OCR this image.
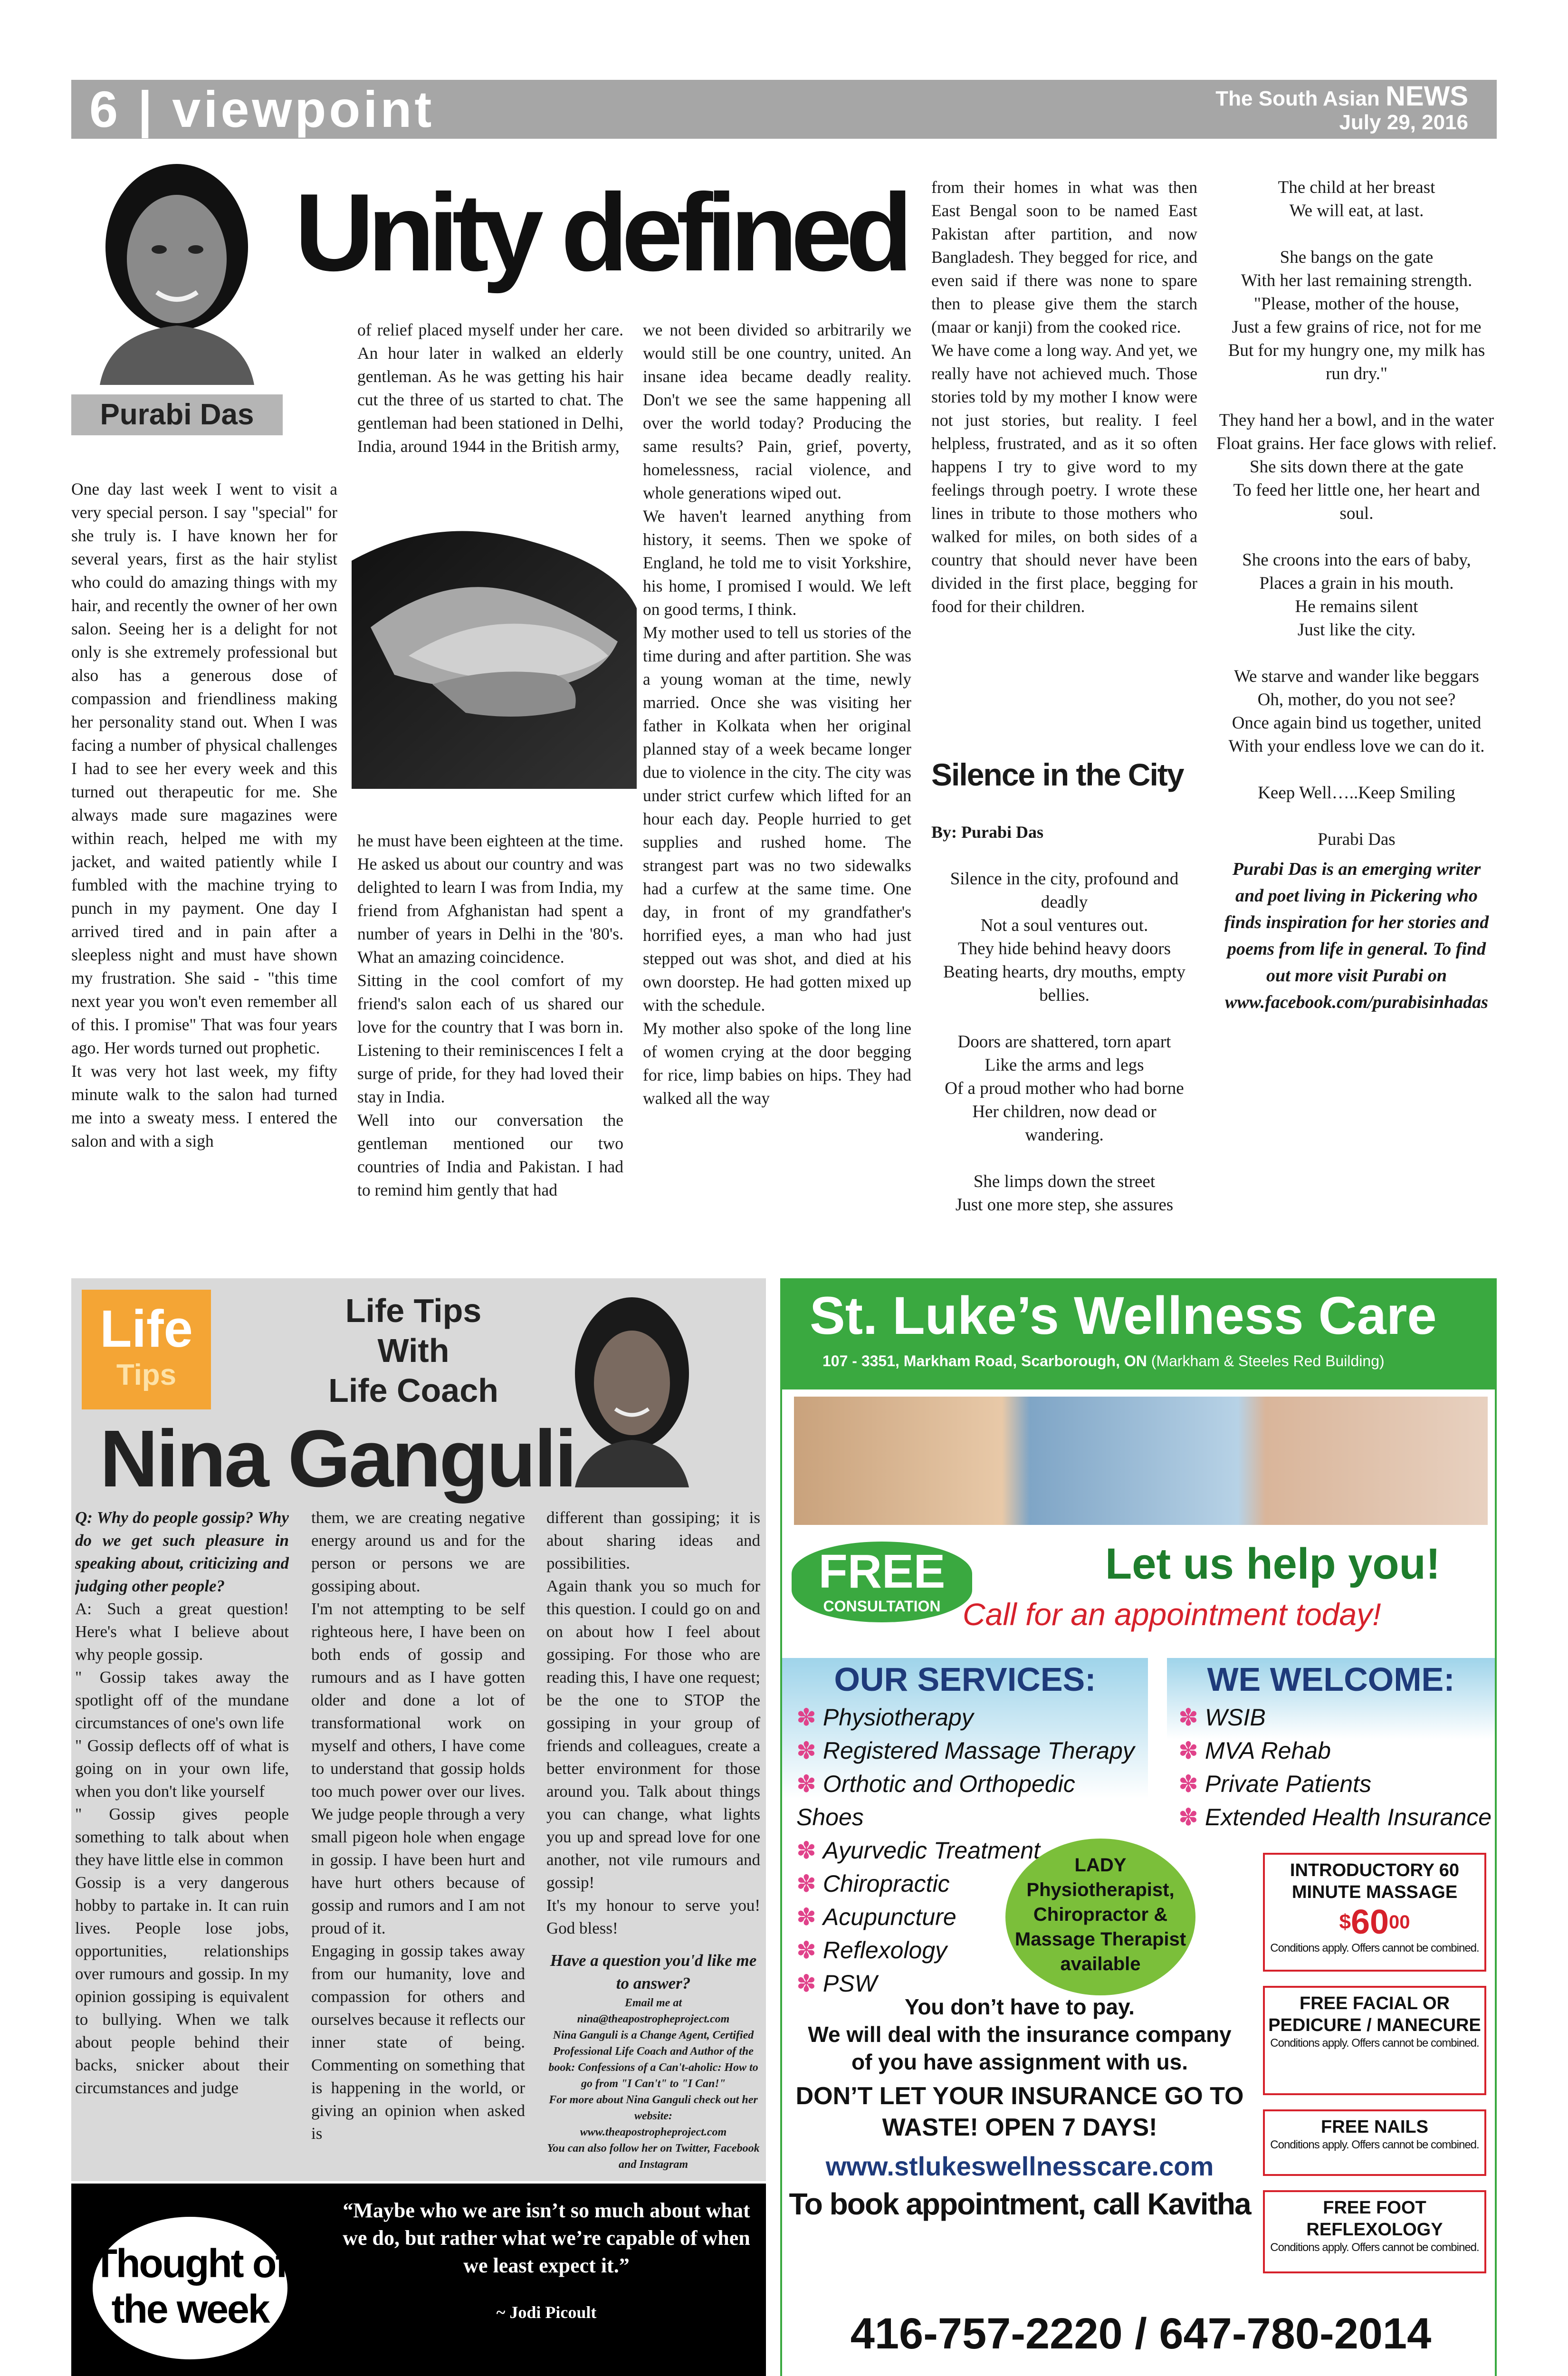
6 | viewpoint	The South Asian NEWS
July 29, 2016
Purabi Das
Unity defined

One day last week I went to visit a very special person. I say "special" for she truly is. I have known her for several years, first as the hair stylist who could do amazing things with my hair, and recently the owner of her own salon. Seeing her is a delight for not only is she extremely professional but also has a generous dose of compassion and friendliness making her personality stand out. When I was facing a number of physical challenges I had to see her every week and this turned out therapeutic for me. She always made sure magazines were within reach, helped me with my jacket, and waited patiently while I fumbled with the machine trying to punch in my payment. One day I arrived tired and in pain after a sleepless night and must have shown my frustration. She said - "this time next year you won't even remember all of this. I promise" That was four years ago. Her words turned out prophetic.

It was very hot last week, my fifty minute walk to the salon had turned me into a sweaty mess. I entered the salon and with a sigh

of relief placed myself under her care. An hour later in walked an elderly gentleman. As he was getting his hair cut the three of us started to chat. The gentleman had been stationed in Delhi, India, around 1944 in the British army,

he must have been eighteen at the time. He asked us about our country and was delighted to learn I was from India, my friend from Afghanistan had spent a number of years in Delhi in the '80's. What an amazing coincidence.

Sitting in the cool comfort of my friend's salon each of us shared our love for the country that I was born in. Listening to their reminiscences I felt a surge of pride, for they had loved their stay in India.

Well into our conversation the gentleman mentioned our two countries of India and Pakistan. I had to remind him gently that had

we not been divided so arbitrarily we would still be one country, united. An insane idea became deadly reality. Don't we see the same happening all over the world today? Producing the same results? Pain, grief, poverty, homelessness, racial violence, and whole generations wiped out.

We haven't learned anything from history, it seems. Then we spoke of England, he told me to visit Yorkshire, his home, I promised I would. We left on good terms, I think.

My mother used to tell us stories of the time during and after partition. She was a young woman at the time, newly married. Once she was visiting her father in Kolkata when her original planned stay of a week became longer due to violence in the city. The city was under strict curfew which lifted for an hour each day. People hurried to get supplies and rushed home. The strangest part was no two sidewalks had a curfew at the same time. One day, in front of my grandfather's horrified eyes, a man who had just stepped out was shot, and died at his own doorstep. He had gotten mixed up with the schedule.

My mother also spoke of the long line of women crying at the door begging for rice, limp babies on hips. They had walked all the way

from their homes in what was then East Bengal soon to be named East Pakistan after partition, and now Bangladesh. They begged for rice, and even said if there was none to spare then to please give them the starch (maar or kanji) from the cooked rice.

We have come a long way. And yet, we really have not achieved much. Those stories told by my mother I know were not just stories, but reality. I feel helpless, frustrated, and as it so often happens I try to give word to my feelings through poetry. I wrote these lines in tribute to those mothers who walked for miles, on both sides of a country that should never have been divided in the first place, begging for food for their children.

Silence in the City
By: Purabi Das

Silence in the city, profound and deadly

Not a soul ventures out.

They hide behind heavy doors

Beating hearts, dry mouths, empty bellies.

Doors are shattered, torn apart

Like the arms and legs

Of a proud mother who had borne

Her children, now dead or wandering.

She limps down the street

Just one more step, she assures

The child at her breast

We will eat, at last.

She bangs on the gate

With her last remaining strength.

"Please, mother of the house,

Just a few grains of rice, not for me

But for my hungry one, my milk has run dry."

They hand her a bowl, and in the water

Float grains. Her face glows with relief.

She sits down there at the gate

To feed her little one, her heart and soul.

She croons into the ears of baby,

Places a grain in his mouth.

He remains silent

Just like the city.

We starve and wander like beggars

Oh, mother, do you not see?

Once again bind us together, united

With your endless love we can do it.

Keep Well…..Keep Smiling

Purabi Das

Purabi Das is an emerging writer and poet living in Pickering who finds inspiration for her stories and poems from life in general. To find out more visit Purabi on www.facebook.com/purabisinhadas

Life
Tips
Life Tips
With
Life Coach
Nina Ganguli

Q: Why do people gossip? Why do we get such pleasure in speaking about, criticizing and judging other people?

A: Such a great question! Here's what I believe about why people gossip.

" Gossip takes away the spotlight off of the mundane circumstances of one's own life

" Gossip deflects off of what is going on in your own life, when you don't like yourself

" Gossip gives people something to talk about when they have little else in common

Gossip is a very dangerous hobby to partake in. It can ruin lives. People lose jobs, opportunities, relationships over rumours and gossip. In my opinion gossiping is equivalent to bullying. When we talk about people behind their backs, snicker about their circumstances and judge

them, we are creating negative energy around us and for the person or persons we are gossiping about.

I'm not attempting to be self righteous here, I have been on both ends of gossip and rumours and as I have gotten older and done a lot of transformational work on myself and others, I have come to understand that gossip holds too much power over our lives. We judge people through a very small pigeon hole when engage in gossip. I have been hurt and have hurt others because of gossip and rumors and I am not proud of it.

Engaging in gossip takes away from our humanity, love and compassion for others and ourselves because it reflects our inner state of being. Commenting on something that is happening in the world, or giving an opinion when asked is

different than gossiping; it is about sharing ideas and possibilities.

Again thank you so much for this question. I could go on and on about how I feel about gossiping. For those who are reading this, I have one request; be the one to STOP the gossiping in your group of friends and colleagues, create a better environment for those around you. Talk about things you can change, what lights you up and spread love for one another, not vile rumours and gossip!

It's my honour to serve you! God bless!

Have a question you'd like me to answer?

Email me at

nina@theapostropheproject.com

Nina Ganguli is a Change Agent, Certified Professional Life Coach and Author of the book: Confessions of a Can't-aholic: How to go from "I Can't" to "I Can!"

For more about Nina Ganguli check out her website:

www.theapostropheproject.com

You can also follow her on Twitter, Facebook and Instagram

Thought of
the week
“Maybe who we are isn’t so much about what we do, but rather what we’re capable of when we least expect it.”
~ Jodi Picoult
St. Luke’s Wellness Care
107 - 3351, Markham Road, Scarborough, ON (Markham & Steeles Red Building)
FREE
CONSULTATION
Let us help you!
Call for an appointment today!
OUR SERVICES:
✽ Physiotherapy
✽ Registered Massage Therapy
✽ Orthotic and Orthopedic Shoes
✽ Ayurvedic Treatment
✽ Chiropractic
✽ Acupuncture
✽ Reflexology
✽ PSW
WE WELCOME:
✽ WSIB
✽ MVA Rehab
✽ Private Patients
✽ Extended Health Insurance
LADY
Physiotherapist,
Chiropractor &
Massage Therapist
available
INTRODUCTORY 60 MINUTE MASSAGE
$^{\$}60^{00}$
Conditions apply. Offers cannot be combined.
FREE FACIAL OR PEDICURE / MANECURE
Conditions apply. Offers cannot be combined.
FREE NAILS
Conditions apply. Offers cannot be combined.
FREE FOOT REFLEXOLOGY
Conditions apply. Offers cannot be combined.
You don’t have to pay.
We will deal with the insurance company
of you have assignment with us.
DON’T LET YOUR INSURANCE GO TO WASTE! OPEN 7 DAYS!
www.stlukeswellnesscare.com
To book appointment, call Kavitha
416-757-2220 / 647-780-2014
